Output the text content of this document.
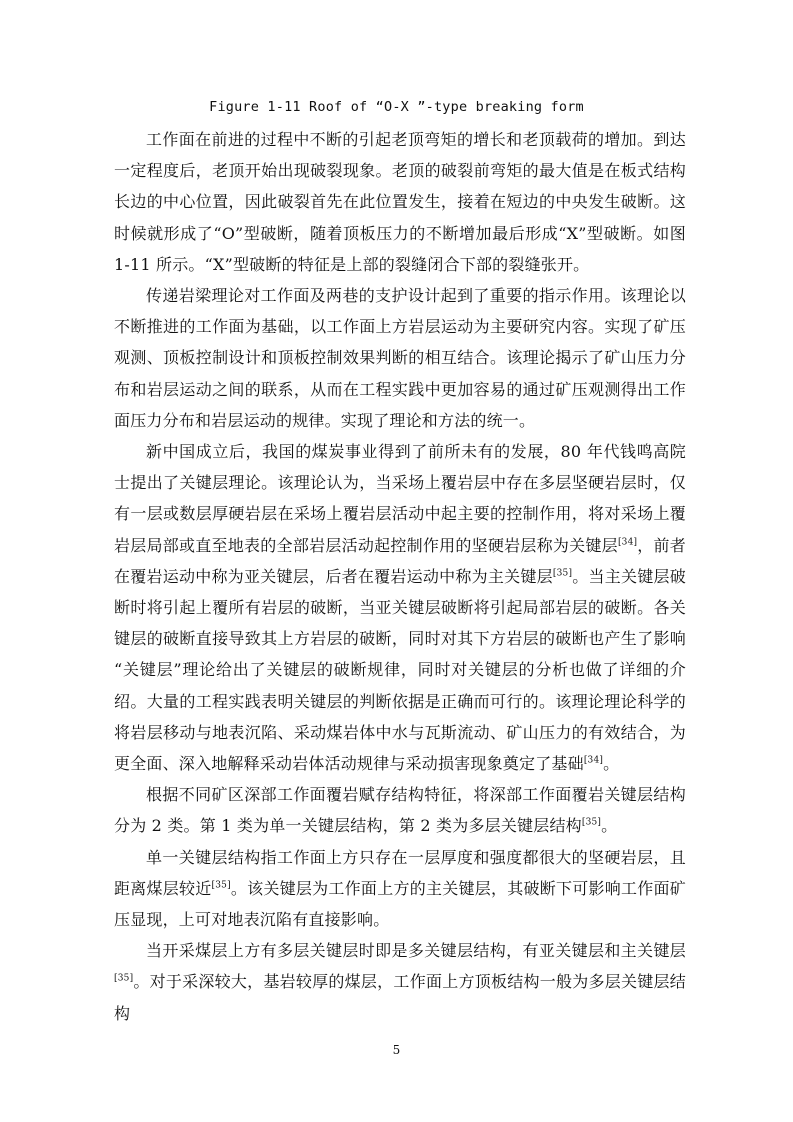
Figure 1-11 Roof of “O-X ”-type breaking form

工作面在前进的过程中不断的引起老顶弯矩的增长和老顶载荷的增加。到达一定程度后，老顶开始出现破裂现象。老顶的破裂前弯矩的最大值是在板式结构长边的中心位置，因此破裂首先在此位置发生，接着在短边的中央发生破断。这时候就形成了“O”型破断，随着顶板压力的不断增加最后形成“X”型破断。如图 1-11 所示。“X”型破断的特征是上部的裂缝闭合下部的裂缝张开。

传递岩梁理论对工作面及两巷的支护设计起到了重要的指示作用。该理论以不断推进的工作面为基础，以工作面上方岩层运动为主要研究内容。实现了矿压观测、顶板控制设计和顶板控制效果判断的相互结合。该理论揭示了矿山压力分布和岩层运动之间的联系，从而在工程实践中更加容易的通过矿压观测得出工作面压力分布和岩层运动的规律。实现了理论和方法的统一。

新中国成立后，我国的煤炭事业得到了前所未有的发展，80 年代钱鸣高院士提出了关键层理论。该理论认为，当采场上覆岩层中存在多层坚硬岩层时，仅有一层或数层厚硬岩层在采场上覆岩层活动中起主要的控制作用，将对采场上覆岩层局部或直至地表的全部岩层活动起控制作用的坚硬岩层称为关键层[34]，前者在覆岩运动中称为亚关键层，后者在覆岩运动中称为主关键层[35]。当主关键层破断时将引起上覆所有岩层的破断，当亚关键层破断将引起局部岩层的破断。各关键层的破断直接导致其上方岩层的破断，同时对其下方岩层的破断也产生了影响 “关键层”理论给出了关键层的破断规律，同时对关键层的分析也做了详细的介绍。大量的工程实践表明关键层的判断依据是正确而可行的。该理论理论科学的将岩层移动与地表沉陷、采动煤岩体中水与瓦斯流动、矿山压力的有效结合，为更全面、深入地解释采动岩体活动规律与采动损害现象奠定了基础[34]。

根据不同矿区深部工作面覆岩赋存结构特征，将深部工作面覆岩关键层结构分为 2 类。第 1 类为单一关键层结构，第 2 类为多层关键层结构[35]。

单一关键层结构指工作面上方只存在一层厚度和强度都很大的坚硬岩层，且距离煤层较近[35]。该关键层为工作面上方的主关键层，其破断下可影响工作面矿压显现，上可对地表沉陷有直接影响。

当开采煤层上方有多层关键层时即是多关键层结构，有亚关键层和主关键层[35]。对于采深较大，基岩较厚的煤层，工作面上方顶板结构一般为多层关键层结构

5
